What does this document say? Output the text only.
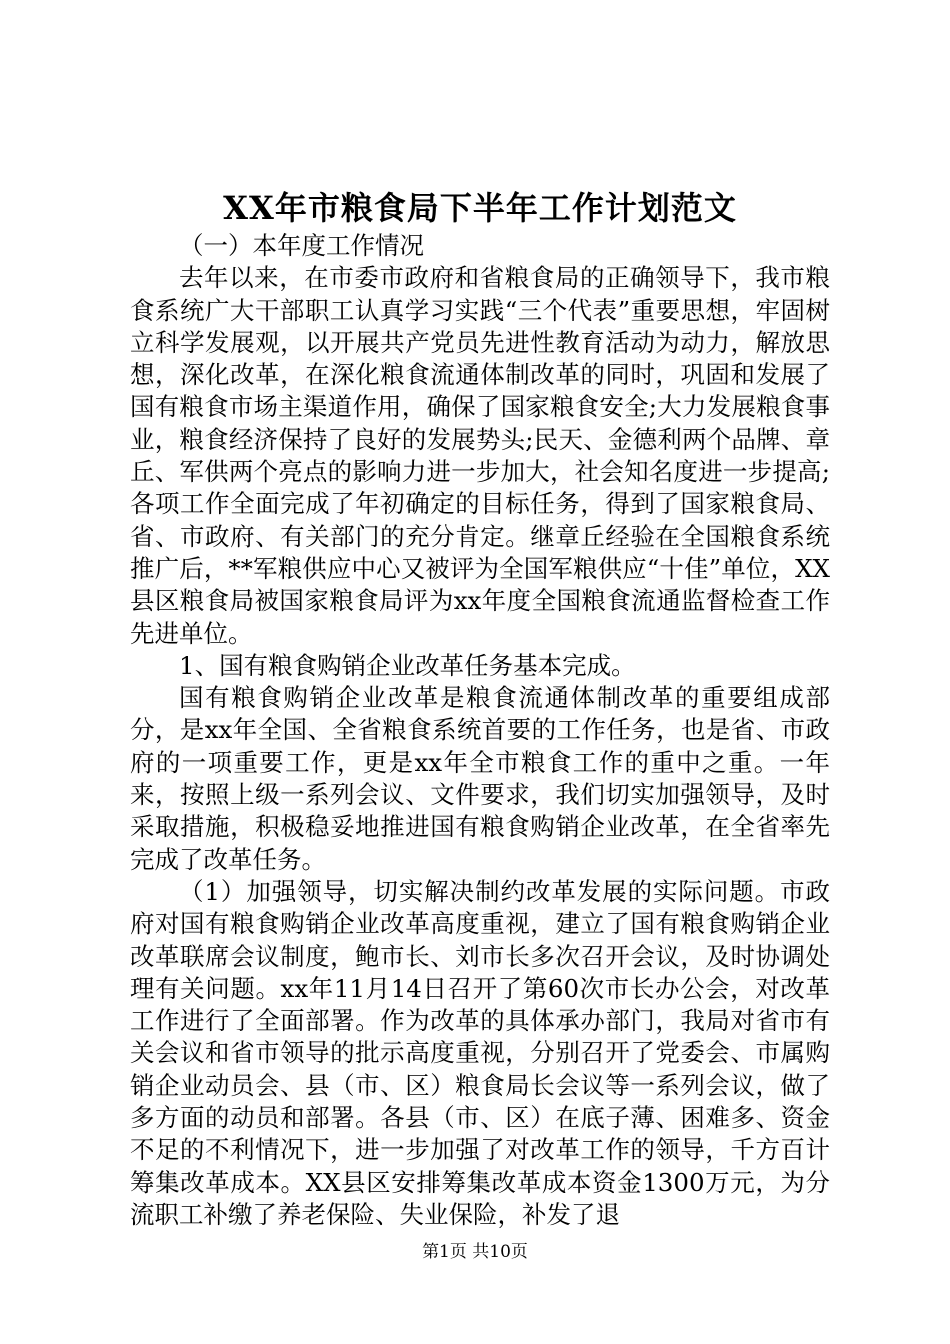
XX年市粮食局下半年工作计划范文

（一）本年度工作情况

去年以来，在市委市政府和省粮食局的正确领导下，我市粮食系统广大干部职工认真学习实践“三个代表”重要思想，牢固树立科学发展观，以开展共产党员先进性教育活动为动力，解放思想，深化改革，在深化粮食流通体制改革的同时，巩固和发展了国有粮食市场主渠道作用，确保了国家粮食安全;大力发展粮食事业，粮食经济保持了良好的发展势头;民天、金德利两个品牌、章丘、军供两个亮点的影响力进一步加大，社会知名度进一步提高;各项工作全面完成了年初确定的目标任务，得到了国家粮食局、省、市政府、有关部门的充分肯定。继章丘经验在全国粮食系统推广后，**军粮供应中心又被评为全国军粮供应“十佳”单位，XX县区粮食局被国家粮食局评为xx年度全国粮食流通监督检查工作先进单位。

1、国有粮食购销企业改革任务基本完成。

国有粮食购销企业改革是粮食流通体制改革的重要组成部分，是xx年全国、全省粮食系统首要的工作任务，也是省、市政府的一项重要工作，更是xx年全市粮食工作的重中之重。一年来，按照上级一系列会议、文件要求，我们切实加强领导，及时采取措施，积极稳妥地推进国有粮食购销企业改革，在全省率先完成了改革任务。

（1）加强领导，切实解决制约改革发展的实际问题。市政府对国有粮食购销企业改革高度重视，建立了国有粮食购销企业改革联席会议制度，鲍市长、刘市长多次召开会议，及时协调处理有关问题。xx年11月14日召开了第60次市长办公会，对改革工作进行了全面部署。作为改革的具体承办部门，我局对省市有关会议和省市领导的批示高度重视，分别召开了党委会、市属购销企业动员会、县（市、区）粮食局长会议等一系列会议，做了多方面的动员和部署。各县（市、区）在底子薄、困难多、资金不足的不利情况下，进一步加强了对改革工作的领导，千方百计筹集改革成本。XX县区安排筹集改革成本资金1300万元，为分流职工补缴了养老保险、失业保险，补发了退

第1页 共10页
